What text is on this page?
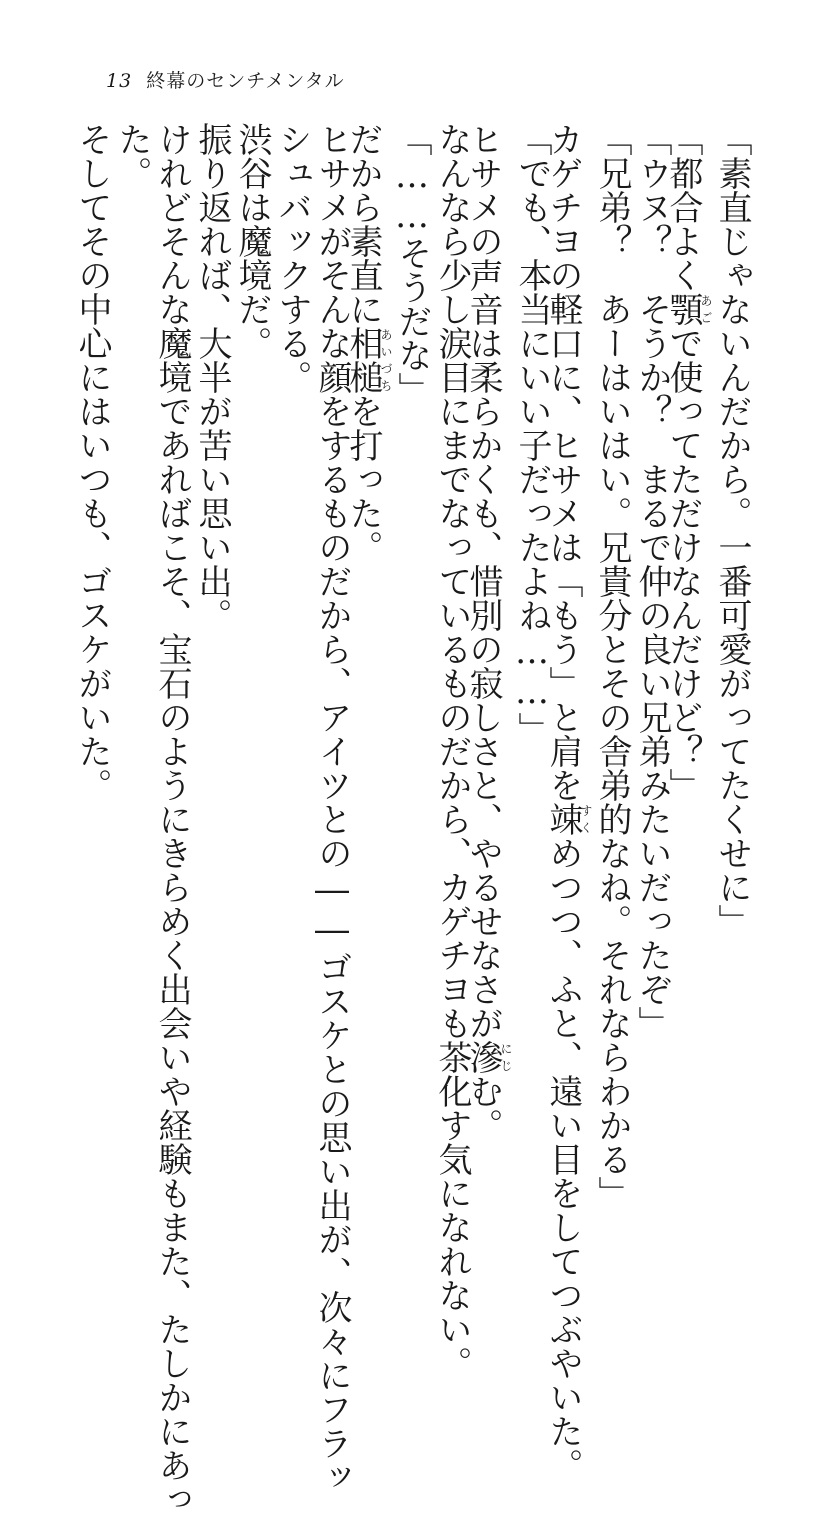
13 終幕のセンチメンタル
「素直じゃないんだから。一番可愛がってたくせに」
「都合よく顎あごで使ってただけなんだけど？」
「ウヌ？　そうか？　まるで仲の良い兄弟みたいだったぞ」
「兄弟？　あーはいはい。兄貴分とその舎弟的なね。それならわかる」
カゲチヨの軽口に、ヒサメは「もう」と肩を竦すくめつつ、ふと、遠い目をしてつぶやいた。
「でも、本当にいい子だったよね……」
ヒサメの声音は柔らかくも、惜別の寂しさと、やるせなさが滲にじむ。
なんなら少し涙目にまでなっているものだから、カゲチヨも茶化す気になれない。
「……そうだな」
だから素直に相槌あいづちを打った。
ヒサメがそんな顔をするものだから、アイツとの――ゴスケとの思い出が、次々にフラッ
シュバックする。
渋谷は魔境だ。
振り返れば、大半が苦い思い出。
けれどそんな魔境であればこそ、宝石のようにきらめく出会いや経験もまた、たしかにあっ
た。
そしてその中心にはいつも、ゴスケがいた。
